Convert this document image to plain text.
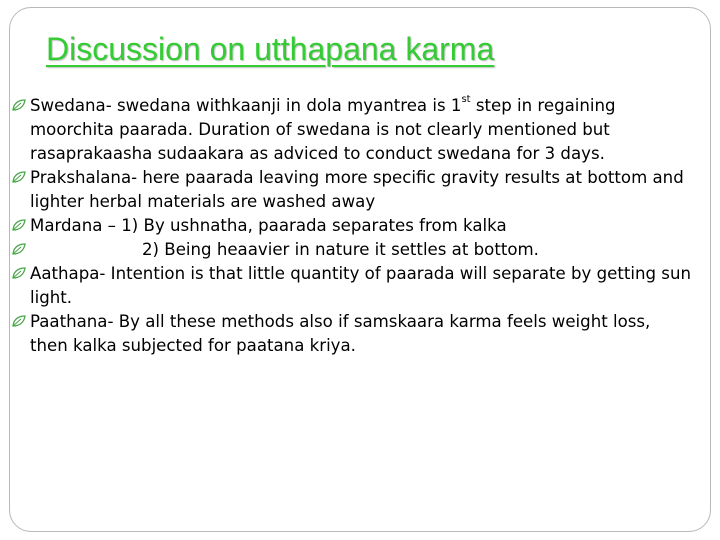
Discussion on utthapana karma
Swedana- swedana withkaanji in dola myantrea is 1st step in regaining moorchita paarada. Duration of swedana is not clearly mentioned but rasaprakaasha sudaakara as adviced to conduct swedana for 3 days.
Prakshalana- here paarada leaving more specific gravity results at bottom and lighter herbal materials are washed away
Mardana – 1) By ushnatha, paarada separates from kalka
2) Being heaavier in nature it settles at bottom.
Aathapa- Intention is that little quantity of paarada will separate by getting sun light.
Paathana- By all these methods also if samskaara karma feels weight loss, then kalka subjected for paatana kriya.
